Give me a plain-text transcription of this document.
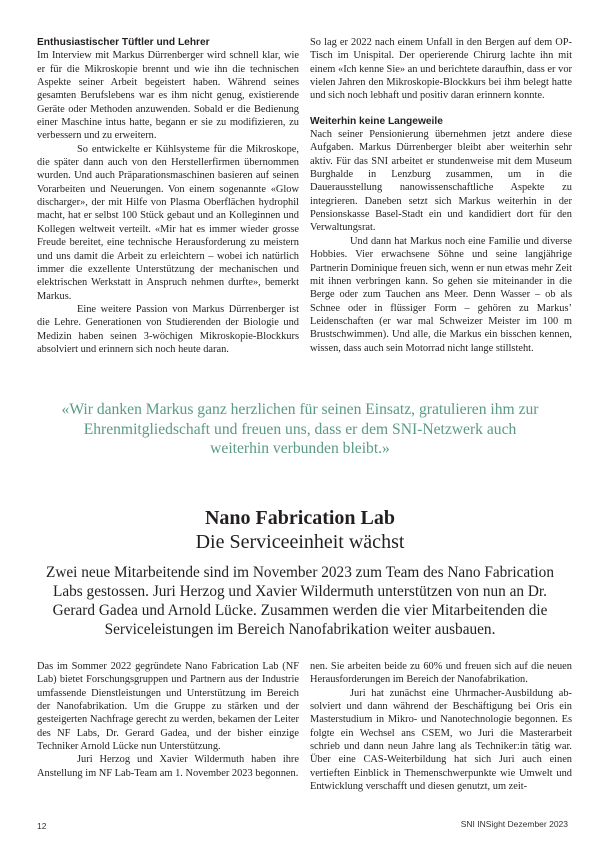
Enthusiastischer Tüftler und Lehrer

Im Interview mit Markus Dürrenberger wird schnell klar, wie er für die Mikroskopie brennt und wie ihn die technischen Aspekte seiner Arbeit begeistert haben. Während seines gesamten Berufslebens war es ihm nicht genug, existierende Geräte oder Methoden anzuwenden. Sobald er die Bedienung einer Maschine intus hatte, begann er sie zu modifizieren, zu verbessern und zu erweitern.

So entwickelte er Kühlsysteme für die Mikroskope, die später dann auch von den Herstellerfirmen übernommen wurden. Und auch Präparationsmaschinen basieren auf seinen Vorarbeiten und Neuerungen. Von einem sogenannte «Glow discharger», der mit Hilfe von Plasma Oberflächen hydrophil macht, hat er selbst 100 Stück gebaut und an Kolleginnen und Kollegen weltweit verteilt. «Mir hat es immer wieder grosse Freude bereitet, eine technische Herausforderung zu meistern und uns damit die Arbeit zu erleichtern – wobei ich natürlich immer die exzellente Unterstützung der mechanischen und elektrischen Werkstatt in Anspruch nehmen durfte», bemerkt Markus.

Eine weitere Passion von Markus Dürrenberger ist die Lehre. Generationen von Studierenden der Biologie und Medizin haben seinen 3-wöchigen Mikroskopie-Blockkurs absolviert und erinnern sich noch heute daran.

So lag er 2022 nach einem Unfall in den Bergen auf dem OP-Tisch im Unispital. Der operierende Chirurg lachte ihn mit einem «Ich kenne Sie» an und berichtete daraufhin, dass er vor vielen Jahren den Mikroskopie-Blockkurs bei ihm belegt hatte und sich noch lebhaft und positiv daran erinnern konnte.

Weiterhin keine Langeweile

Nach seiner Pensionierung übernehmen jetzt andere diese Aufgaben. Markus Dürrenberger bleibt aber weiterhin sehr aktiv. Für das SNI arbeitet er stundenweise mit dem Museum Burghalde in Lenzburg zusammen, um in die Dauerausstellung nanowissenschaftliche Aspekte zu integrieren. Daneben setzt sich Markus weiterhin in der Pensionskasse Basel-Stadt ein und kandidiert dort für den Verwaltungsrat.

Und dann hat Markus noch eine Familie und diverse Hobbies. Vier erwachsene Söhne und seine langjährige Partnerin Dominique freuen sich, wenn er nun etwas mehr Zeit mit ihnen verbringen kann. So gehen sie miteinander in die Berge oder zum Tauchen ans Meer. Denn Wasser – ob als Schnee oder in flüssiger Form – gehören zu Markus’ Leidenschaften (er war mal Schweizer Meister im 100 m Brustschwimmen). Und alle, die Markus ein bisschen kennen, wissen, dass auch sein Motorrad nicht lange stillsteht.

«Wir danken Markus ganz herzlichen für seinen Einsatz, gratulieren ihm zur Ehrenmitgliedschaft und freuen uns, dass er dem SNI-Netzwerk auch weiterhin verbunden bleibt.»
Nano Fabrication Lab
Die Serviceeinheit wächst
Zwei neue Mitarbeitende sind im November 2023 zum Team des Nano Fabrication Labs gestossen. Juri Herzog und Xavier Wildermuth unterstützen von nun an Dr. Gerard Gadea und Arnold Lücke. Zusammen werden die vier Mitarbeitenden die Serviceleistungen im Bereich Nanofabrikation weiter ausbauen.

Das im Sommer 2022 gegründete Nano Fabrication Lab (NF Lab) bietet Forschungsgruppen und Partnern aus der Industrie umfassende Dienstleistungen und Unterstützung im Bereich der Nanofabrikation. Um die Gruppe zu stärken und der gesteigerten Nachfrage gerecht zu werden, bekamen der Leiter des NF Labs, Dr. Gerard Gadea, und der bisher einzige Techniker Arnold Lücke nun Unterstützung.

Juri Herzog und Xavier Wildermuth haben ihre Anstellung im NF Lab-Team am 1. November 2023 begonnen.

nen. Sie arbeiten beide zu 60% und freuen sich auf die neuen Herausforderungen im Bereich der Nanofabrikation.

Juri hat zunächst eine Uhrmacher-Ausbildung absolviert und dann während der Beschäftigung bei Oris ein Masterstudium in Mikro- und Nanotechnologie begonnen. Es folgte ein Wechsel ans CSEM, wo Juri die Masterarbeit schrieb und dann neun Jahre lang als Techniker:in tätig war. Über eine CAS-Weiterbildung hat sich Juri auch einen vertieften Einblick in Themenschwerpunkte wie Umwelt und Entwicklung verschafft und diesen genutzt, um zeit-

12	SNI INSight Dezember 2023
